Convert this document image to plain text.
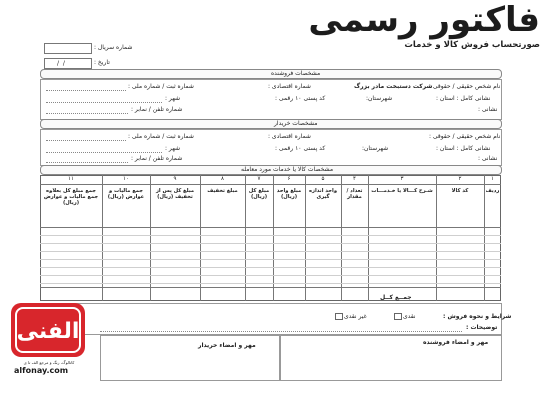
فاکتور رسمی
صورتحساب فروش کالا و خدمات
شماره سریال :
/ /	تاریخ :
مشخصات فروشنده
نام شخص حقیقی / حقوقی :
شرکت دستبخت مادر بزرگ
شماره اقتصادی :
شماره ثبت / شماره ملی :
نشانی کامل : استان :
شهرستان:
کد پستی ۱۰ رقمی :
شهر :
نشانی :
شماره تلفن / نمابر :
مشخصات خریدار
نام شخص حقیقی / حقوقی :
شماره اقتصادی :
شماره ثبت / شماره ملی :
نشانی کامل : استان :
شهرستان:
کد پستی ۱۰ رقمی :
شهر :
نشانی :
شماره تلفن / نمابر :
مشخصات کالا یا خدمات مورد معامله
۱
ردیف
۲
کد کالا
۳
شـرح کـــالا یا خـدمـــات
۴
تعداد / مقدار
۵
واحد اندازه گیری
۶
مبلغ واحد (ریال)
۷
مبلغ کل (ریال)
۸
مبلغ تخفیف
۹
مبلغ کل پس از تخفیف (ریال)
۱۰
جمع مالیات و عوارض (ریال)
۱۱
جمع مبلغ کل بعلاوه جمع مالیات و عوارض (ریال)
جمــع کــل
شرایط و نحوه فروش :
نقدی
غیر نقدی
توضیحات :
مهر و امضاء فروشنده
مهر و امضاء خریدار
الفنی
کاتالوگ، رنگ و مرجع الف تا ی
alfonay.com
